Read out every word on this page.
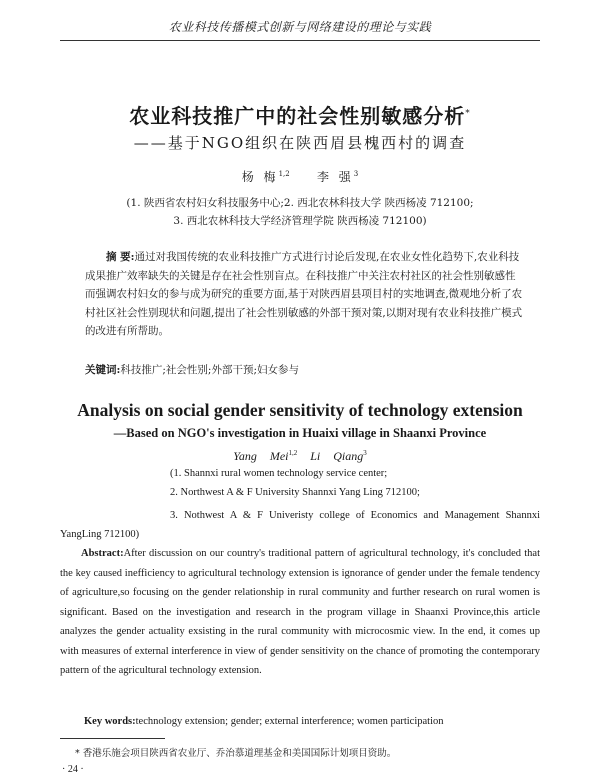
农业科技传播模式创新与网络建设的理论与实践
农业科技推广中的社会性别敏感分析*
——基于NGO组织在陕西眉县槐西村的调查
杨 梅$^{1,2}$ 李 强$^3$
(1. 陕西省农村妇女科技服务中心;2. 西北农林科技大学 陕西杨凌 712100;
3. 西北农林科技大学经济管理学院 陕西杨凌 712100)
摘 要:通过对我国传统的农业科技推广方式进行讨论后发现,在农业女性化趋势下,农业科技成果推广效率缺失的关键是存在社会性别盲点。在科技推广中关注农村社区的社会性别敏感性而强调农村妇女的参与成为研究的重要方面,基于对陕西眉县项目村的实地调查,微观地分析了农村社区社会性别现状和问题,提出了社会性别敏感的外部干预对策,以期对现有农业科技推广模式的改进有所帮助。
关键词:科技推广;社会性别;外部干预;妇女参与
Analysis on social gender sensitivity of technology extension
—Based on NGO's investigation in Huaixi village in Shaanxi Province
Yang Mei$^{1,2}$ Li Qiang$^3$
(1. Shannxi rural women technology service center;
2. Northwest A & F University Shannxi Yang Ling 712100;
3. Nothwest A & F Univeristy college of Economics and Management Shannxi YangLing 712100)
Abstract:After discussion on our country's traditional pattern of agricultural technology, it's concluded that the key caused inefficiency to agricultural technology extension is ignorance of gender under the female tendency of agriculture,so focusing on the gender relationship in rural community and further research on rural women is significant. Based on the investigation and research in the program village in Shaanxi Province,this article analyzes the gender actuality exsisting in the rural community with microcosmic view. In the end, it comes up with measures of external interference in view of gender sensitivity on the chance of promoting the contemporary pattern of the agricultural technology extension.
Key words:technology extension; gender; external interference; women participation
* 香港乐施会项目陕西省农业厅、乔治慕道理基金和美国国际计划项目资助。
· 24 ·
